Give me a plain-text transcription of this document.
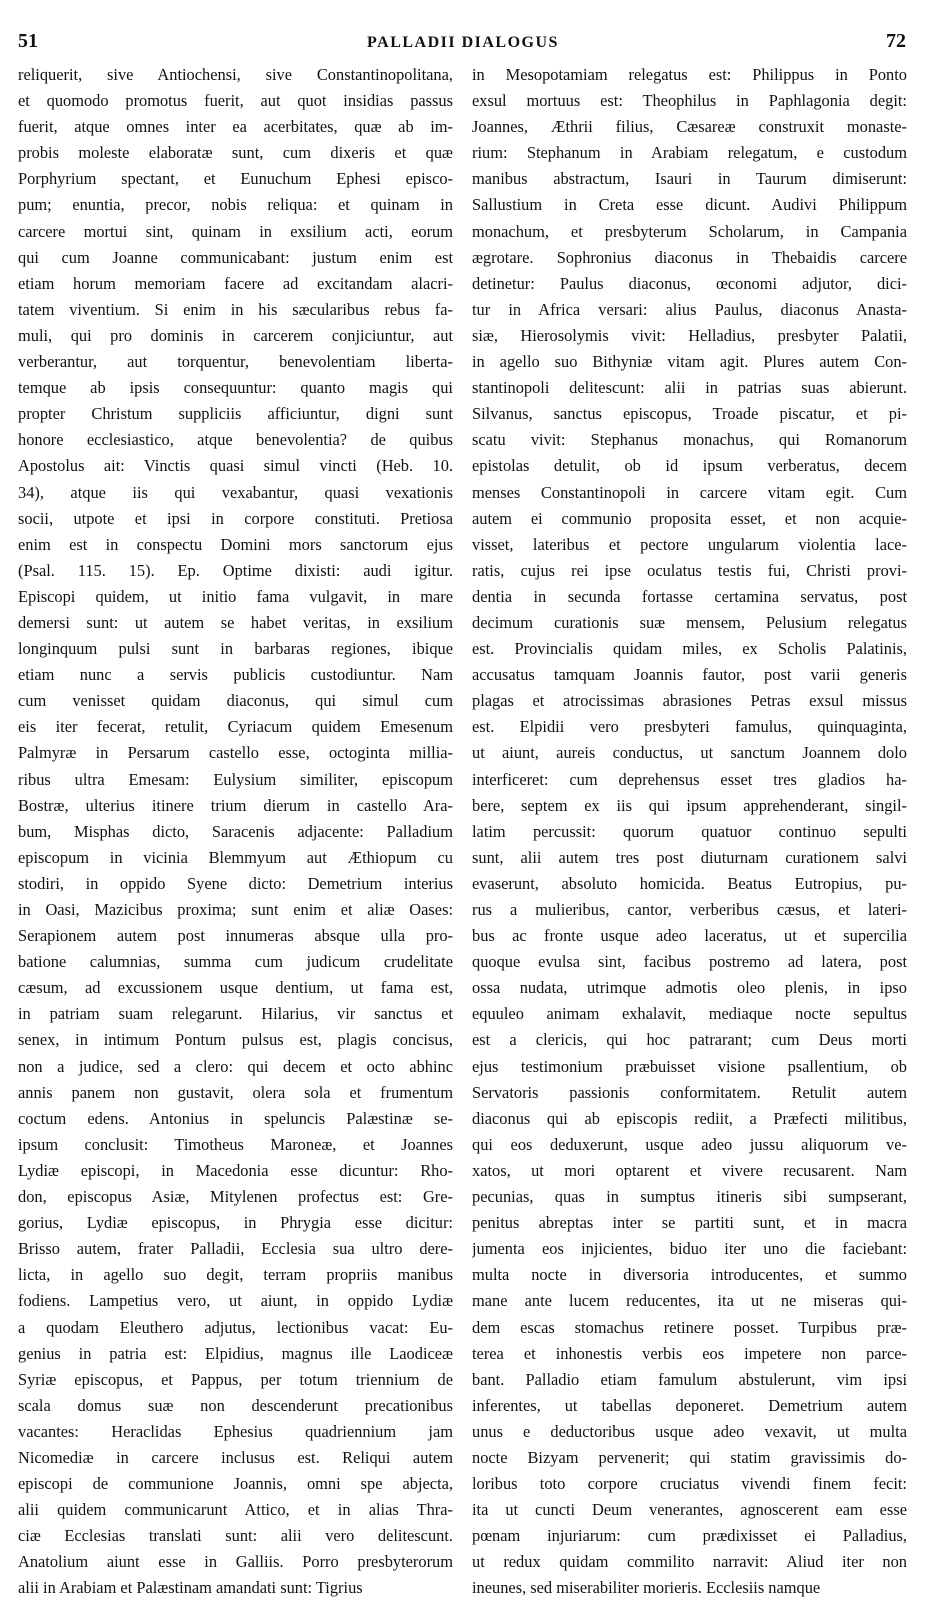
51	PALLADII DIALOGUS	72
reliquerit, sive Antiochensi, sive Constantinopolitana,
et quomodo promotus fuerit, aut quot insidias passus
fuerit, atque omnes inter ea acerbitates, quæ ab im-
probis moleste elaboratæ sunt, cum dixeris et quæ
Porphyrium spectant, et Eunuchum Ephesi episco-
pum; enuntia, precor, nobis reliqua: et quinam in
carcere mortui sint, quinam in exsilium acti, eorum
qui cum Joanne communicabant: justum enim est
etiam horum memoriam facere ad excitandam alacri-
tatem viventium. Si enim in his sæcularibus rebus fa-
muli, qui pro dominis in carcerem conjiciuntur, aut
verberantur, aut torquentur, benevolentiam liberta-
temque ab ipsis consequuntur: quanto magis qui
propter Christum suppliciis afficiuntur, digni sunt
honore ecclesiastico, atque benevolentia? de quibus
Apostolus ait: Vinctis quasi simul vincti (Heb. 10.
34), atque iis qui vexabantur, quasi vexationis
socii, utpote et ipsi in corpore constituti. Pretiosa
enim est in conspectu Domini mors sanctorum ejus
(Psal. 115. 15). Ep. Optime dixisti: audi igitur.
Episcopi quidem, ut initio fama vulgavit, in mare
demersi sunt: ut autem se habet veritas, in exsilium
longinquum pulsi sunt in barbaras regiones, ibique
etiam nunc a servis publicis custodiuntur. Nam
cum venisset quidam diaconus, qui simul cum
eis iter fecerat, retulit, Cyriacum quidem Emesenum
Palmyræ in Persarum castello esse, octoginta millia-
ribus ultra Emesam: Eulysium similiter, episcopum
Bostræ, ulterius itinere trium dierum in castello Ara-
bum, Misphas dicto, Saracenis adjacente: Palladium
episcopum in vicinia Blemmyum aut Æthiopum cu
stodiri, in oppido Syene dicto: Demetrium interius
in Oasi, Mazicibus proxima; sunt enim et aliæ Oases:
Serapionem autem post innumeras absque ulla pro-
batione calumnias, summa cum judicum crudelitate
cæsum, ad excussionem usque dentium, ut fama est,
in patriam suam relegarunt. Hilarius, vir sanctus et
senex, in intimum Pontum pulsus est, plagis concisus,
non a judice, sed a clero: qui decem et octo abhinc
annis panem non gustavit, olera sola et frumentum
coctum edens. Antonius in speluncis Palæstinæ se-
ipsum conclusit: Timotheus Maroneæ, et Joannes
Lydiæ episcopi, in Macedonia esse dicuntur: Rho-
don, episcopus Asiæ, Mitylenen profectus est: Gre-
gorius, Lydiæ episcopus, in Phrygia esse dicitur:
Brisso autem, frater Palladii, Ecclesia sua ultro dere-
licta, in agello suo degit, terram propriis manibus
fodiens. Lampetius vero, ut aiunt, in oppido Lydiæ
a quodam Eleuthero adjutus, lectionibus vacat: Eu-
genius in patria est: Elpidius, magnus ille Laodiceæ
Syriæ episcopus, et Pappus, per totum triennium de
scala domus suæ non descenderunt precationibus
vacantes: Heraclidas Ephesius quadriennium jam
Nicomediæ in carcere inclusus est. Reliqui autem
episcopi de communione Joannis, omni spe abjecta,
alii quidem communicarunt Attico, et in alias Thra-
ciæ Ecclesias translati sunt: alii vero delitescunt.
Anatolium aiunt esse in Galliis. Porro presbyterorum
alii in Arabiam et Palæstinam amandati sunt: Tigrius
in Mesopotamiam relegatus est: Philippus in Ponto
exsul mortuus est: Theophilus in Paphlagonia degit:
Joannes, Æthrii filius, Cæsareæ construxit monaste-
rium: Stephanum in Arabiam relegatum, e custodum
manibus abstractum, Isauri in Taurum dimiserunt:
Sallustium in Creta esse dicunt. Audivi Philippum
monachum, et presbyterum Scholarum, in Campania
ægrotare. Sophronius diaconus in Thebaidis carcere
detinetur: Paulus diaconus, œconomi adjutor, dici-
tur in Africa versari: alius Paulus, diaconus Anasta-
siæ, Hierosolymis vivit: Helladius, presbyter Palatii,
in agello suo Bithyniæ vitam agit. Plures autem Con-
stantinopoli delitescunt: alii in patrias suas abierunt.
Silvanus, sanctus episcopus, Troade piscatur, et pi-
scatu vivit: Stephanus monachus, qui Romanorum
epistolas detulit, ob id ipsum verberatus, decem
menses Constantinopoli in carcere vitam egit. Cum
autem ei communio proposita esset, et non acquie-
visset, lateribus et pectore ungularum violentia lace-
ratis, cujus rei ipse oculatus testis fui, Christi provi-
dentia in secunda fortasse certamina servatus, post
decimum curationis suæ mensem, Pelusium relegatus
est. Provincialis quidam miles, ex Scholis Palatinis,
accusatus tamquam Joannis fautor, post varii generis
plagas et atrocissimas abrasiones Petras exsul missus
est. Elpidii vero presbyteri famulus, quinquaginta,
ut aiunt, aureis conductus, ut sanctum Joannem dolo
interficeret: cum deprehensus esset tres gladios ha-
bere, septem ex iis qui ipsum apprehenderant, singil-
latim percussit: quorum quatuor continuo sepulti
sunt, alii autem tres post diuturnam curationem salvi
evaserunt, absoluto homicida. Beatus Eutropius, pu-
rus a mulieribus, cantor, verberibus cæsus, et lateri-
bus ac fronte usque adeo laceratus, ut et supercilia
quoque evulsa sint, facibus postremo ad latera, post
ossa nudata, utrimque admotis oleo plenis, in ipso
equuleo animam exhalavit, mediaque nocte sepultus
est a clericis, qui hoc patrarant; cum Deus morti
ejus testimonium præbuisset visione psallentium, ob
Servatoris passionis conformitatem. Retulit autem
diaconus qui ab episcopis rediit, a Præfecti militibus,
qui eos deduxerunt, usque adeo jussu aliquorum ve-
xatos, ut mori optarent et vivere recusarent. Nam
pecunias, quas in sumptus itineris sibi sumpserant,
penitus abreptas inter se partiti sunt, et in macra
jumenta eos injicientes, biduo iter uno die faciebant:
multa nocte in diversoria introducentes, et summo
mane ante lucem reducentes, ita ut ne miseras qui-
dem escas stomachus retinere posset. Turpibus præ-
terea et inhonestis verbis eos impetere non parce-
bant. Palladio etiam famulum abstulerunt, vim ipsi
inferentes, ut tabellas deponeret. Demetrium autem
unus e deductoribus usque adeo vexavit, ut multa
nocte Bizyam pervenerit; qui statim gravissimis do-
loribus toto corpore cruciatus vivendi finem fecit:
ita ut cuncti Deum venerantes, agnoscerent eam esse
pœnam injuriarum: cum prædixisset ei Palladius,
ut redux quidam commilito narravit: Aliud iter non
ineunes, sed miserabiliter morieris. Ecclesiis namque
